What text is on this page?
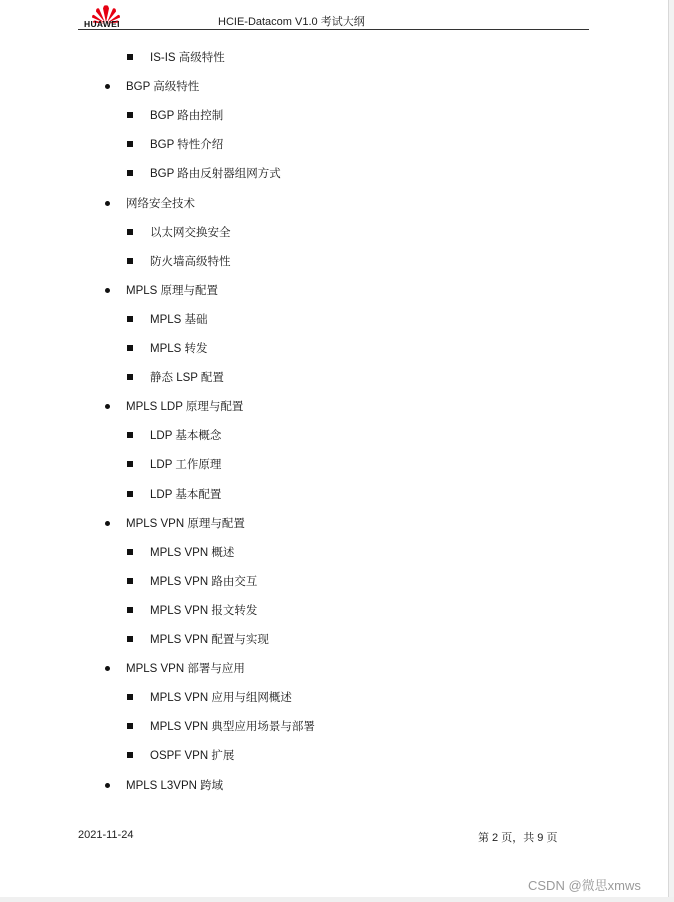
HUAWEI	HCIE-Datacom V1.0 考试大纲
IS-IS 高级特性
BGP 高级特性
BGP 路由控制
BGP 特性介绍
BGP 路由反射器组网方式
网络安全技术
以太网交换安全
防火墙高级特性
MPLS 原理与配置
MPLS 基础
MPLS 转发
静态 LSP 配置
MPLS LDP 原理与配置
LDP 基本概念
LDP 工作原理
LDP 基本配置
MPLS VPN 原理与配置
MPLS VPN 概述
MPLS VPN 路由交互
MPLS VPN 报文转发
MPLS VPN 配置与实现
MPLS VPN 部署与应用
MPLS VPN 应用与组网概述
MPLS VPN 典型应用场景与部署
OSPF VPN 扩展
MPLS L3VPN 跨域
2021-11-24	第 2 页，共 9 页
CSDN @微思xmws
